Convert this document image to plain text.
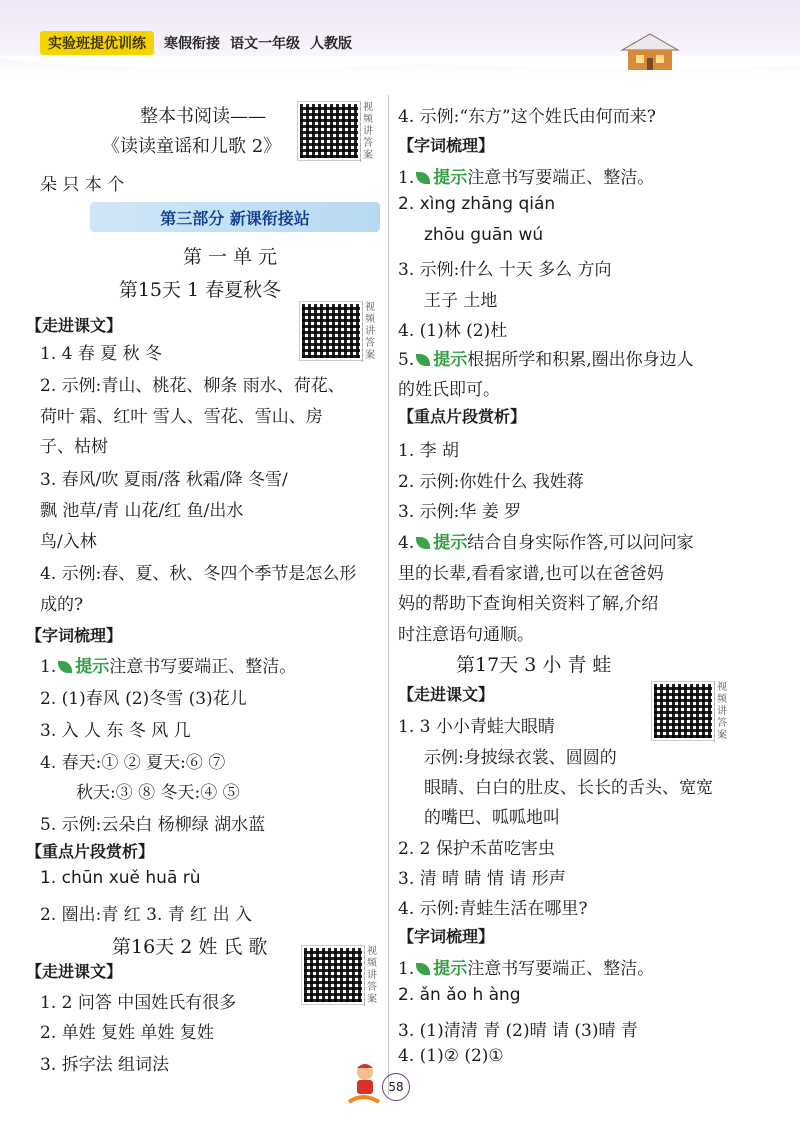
实验班提优训练	寒假衔接 语文一年级 人教版
整本书阅读——
《读读童谣和儿歌 2》
视频讲答案
朵 只 本 个
第三部分 新课衔接站
第 一 单 元
第15天 1 春夏秋冬
视频讲答案
【走进课文】
1. 4 春 夏 秋 冬
2. 示例:青山、桃花、柳条 雨水、荷花、
荷叶 霜、红叶 雪人、雪花、雪山、房
子、枯树
3. 春风/吹 夏雨/落 秋霜/降 冬雪/
飘 池草/青 山花/红 鱼/出水
鸟/入林
4. 示例:春、夏、秋、冬四个季节是怎么形
成的?
【字词梳理】
1. 提示注意书写要端正、整洁。
2. (1)春风 (2)冬雪 (3)花儿
3. 入 人 东 冬 风 几
4. 春天:① ② 夏天:⑥ ⑦
秋天:③ ⑧ 冬天:④ ⑤
5. 示例:云朵白 杨柳绿 湖水蓝
【重点片段赏析】
1. chūn xuě huā rù
2. 圈出:青 红 3. 青 红 出 入
第16天 2 姓 氏 歌	视频讲答案
【走进课文】
1. 2 问答 中国姓氏有很多
2. 单姓 复姓 单姓 复姓
3. 拆字法 组词法
4. 示例:“东方”这个姓氏由何而来?
【字词梳理】
1. 提示注意书写要端正、整洁。
2. xìng zhāng qián
zhōu guān wú
3. 示例:什么 十天 多么 方向
王子 土地
4. (1)林 (2)杜
5. 提示根据所学和积累,圈出你身边人
的姓氏即可。
【重点片段赏析】
1. 李 胡
2. 示例:你姓什么 我姓蒋
3. 示例:华 姜 罗
4. 提示结合自身实际作答,可以问问家
里的长辈,看看家谱,也可以在爸爸妈
妈的帮助下查询相关资料了解,介绍
时注意语句通顺。
第17天 3 小 青 蛙
【走进课文】	视频讲答案
1. 3 小小青蛙大眼睛
示例:身披绿衣裳、圆圆的
眼睛、白白的肚皮、长长的舌头、宽宽
的嘴巴、呱呱地叫
2. 2 保护禾苗吃害虫
3. 清 晴 睛 情 请 形声
4. 示例:青蛙生活在哪里?
【字词梳理】
1. 提示注意书写要端正、整洁。
2. ǎn ǎo h àng
3. (1)清清 青 (2)晴 请 (3)晴 青
4. (1)② (2)①
58
